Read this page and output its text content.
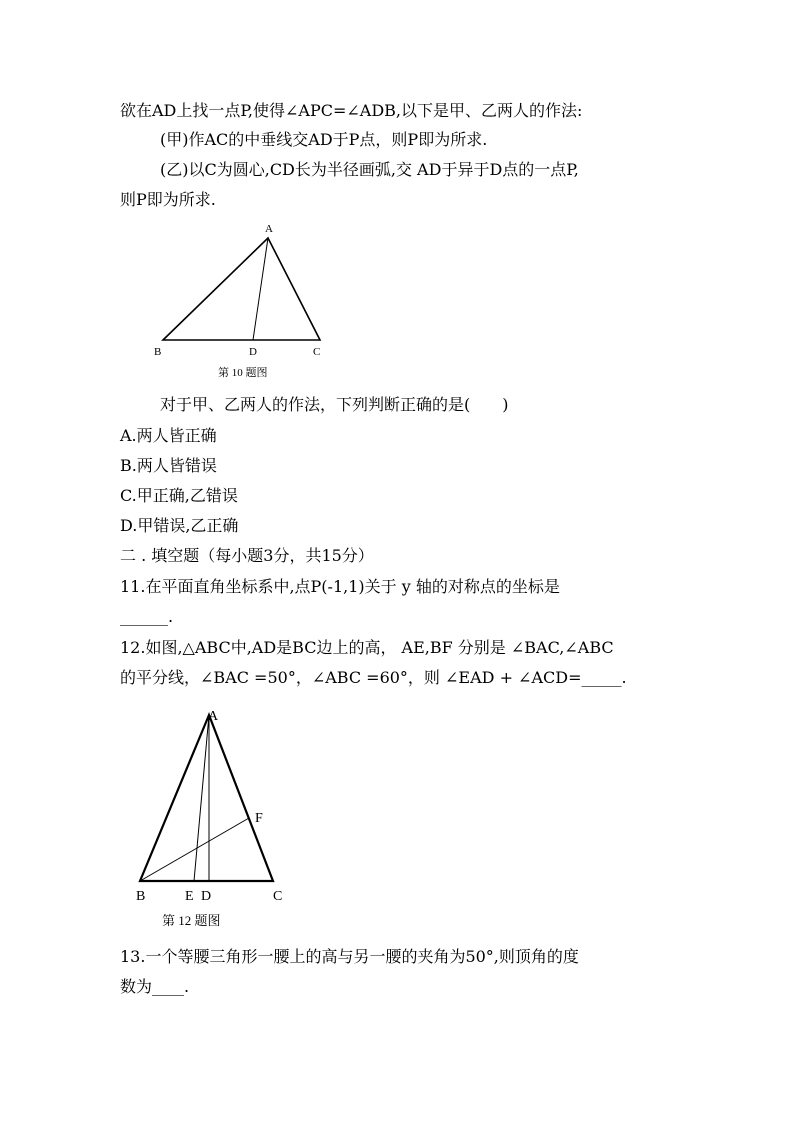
欲在AD上找一点P,使得∠APC=∠ADB,以下是甲、乙两人的作法:
(甲)作AC的中垂线交AD于P点，则P即为所求.
(乙)以C为圆心,CD长为半径画弧,交 AD于异于D点的一点P,
则P即为所求.
A
B	D	C
第 10 题图
对于甲、乙两人的作法，下列判断正确的是(　　)
A.两人皆正确
B.两人皆错误
C.甲正确,乙错误
D.甲错误,乙正确
二 . 填空题（每小题3分，共15分）
11.在平面直角坐标系中,点P(-1,1)关于 y 轴的对称点的坐标是
______.
12.如图,△ABC中,AD是BC边上的高， AE,BF 分别是 ∠BAC,∠ABC
的平分线，∠BAC =50°，∠ABC =60°，则 ∠EAD + ∠ACD=_____.
A
F
B	E D	C
第 12 题图
13.一个等腰三角形一腰上的高与另一腰的夹角为50°,则顶角的度
数为____.
